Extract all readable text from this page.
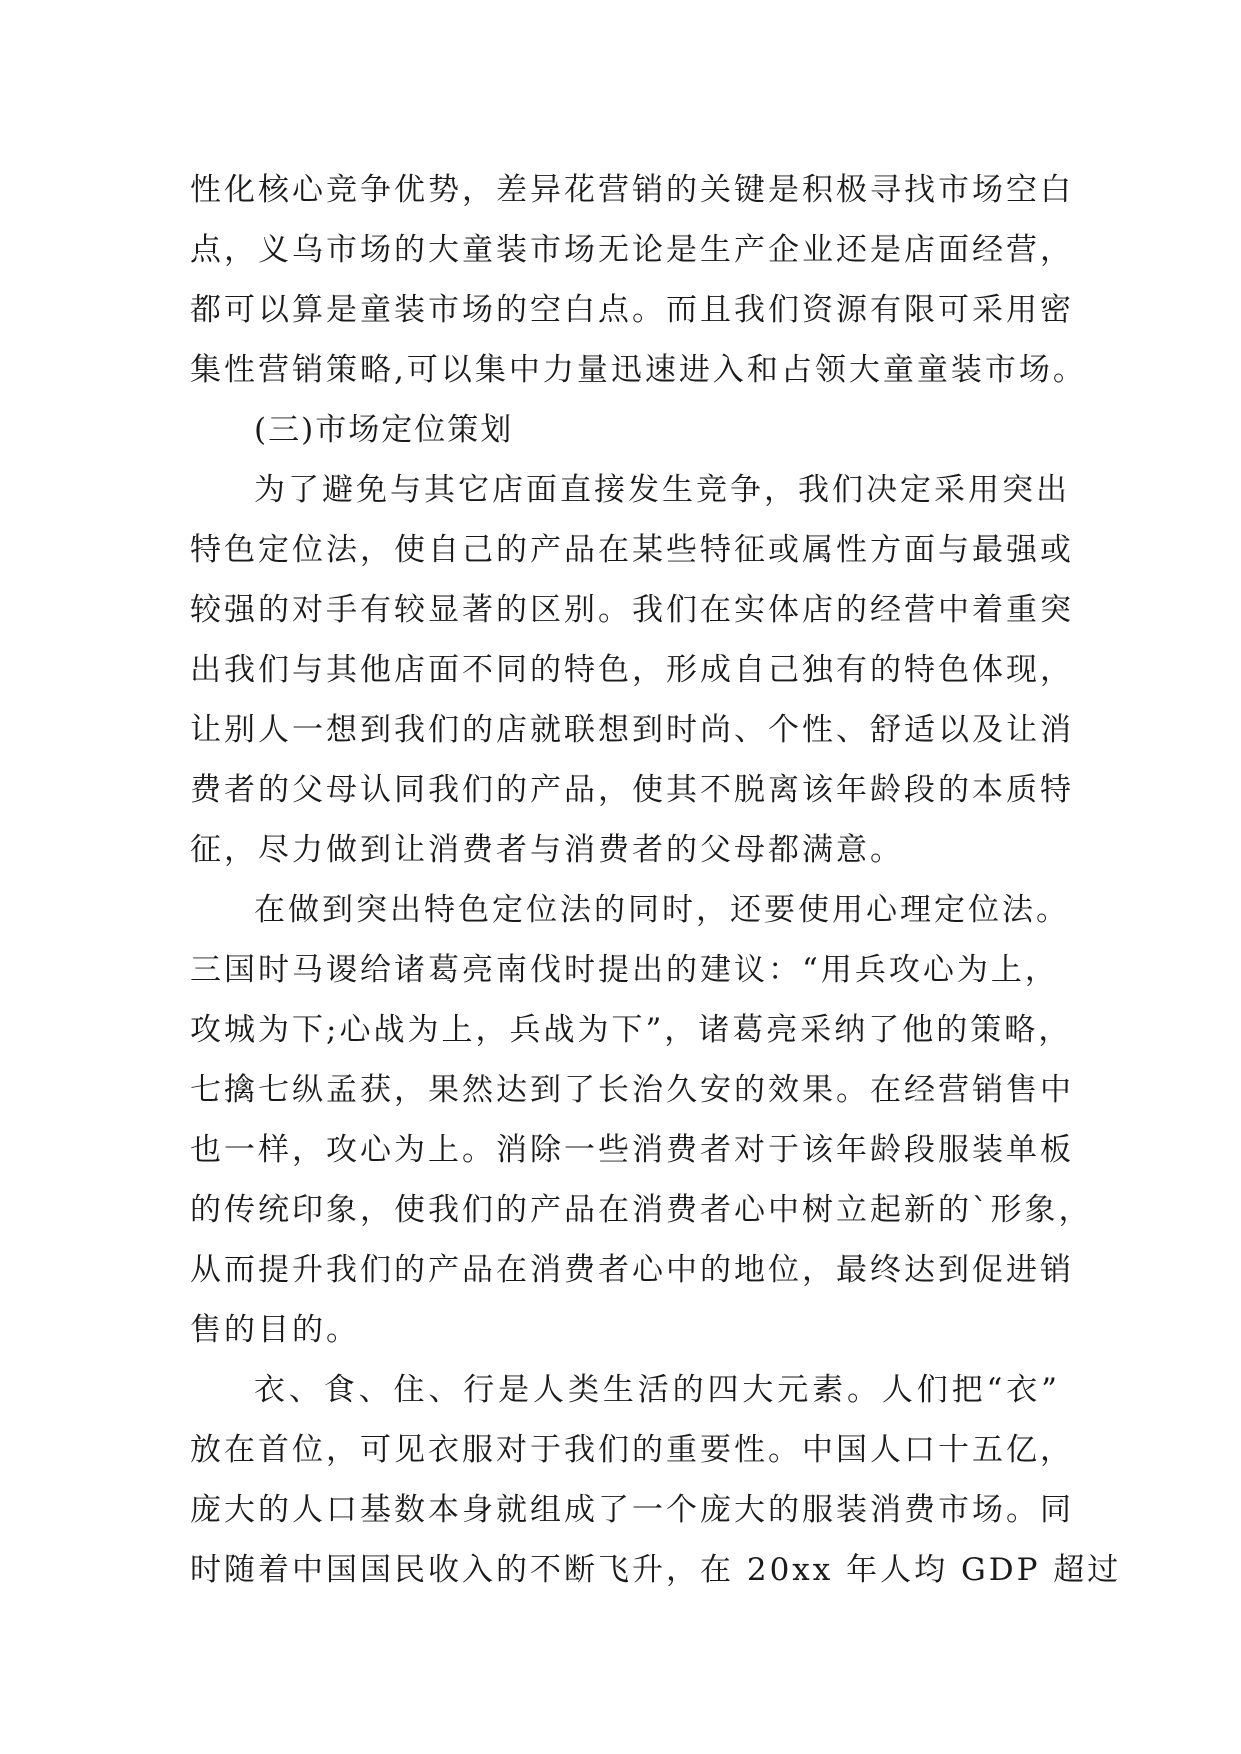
性化核心竞争优势，差异花营销的关键是积极寻找市场空白
点，义乌市场的大童装市场无论是生产企业还是店面经营，
都可以算是童装市场的空白点。而且我们资源有限可采用密
集性营销策略,可以集中力量迅速进入和占领大童童装市场。
(三)市场定位策划
为了避免与其它店面直接发生竞争，我们决定采用突出
特色定位法，使自己的产品在某些特征或属性方面与最强或
较强的对手有较显著的区别。我们在实体店的经营中着重突
出我们与其他店面不同的特色，形成自己独有的特色体现，
让别人一想到我们的店就联想到时尚、个性、舒适以及让消
费者的父母认同我们的产品，使其不脱离该年龄段的本质特
征，尽力做到让消费者与消费者的父母都满意。
在做到突出特色定位法的同时，还要使用心理定位法。
三国时马谡给诸葛亮南伐时提出的建议：“用兵攻心为上，
攻城为下;心战为上，兵战为下”，诸葛亮采纳了他的策略，
七擒七纵孟获，果然达到了长治久安的效果。在经营销售中
也一样，攻心为上。消除一些消费者对于该年龄段服装单板
的传统印象，使我们的产品在消费者心中树立起新的`形象，
从而提升我们的产品在消费者心中的地位，最终达到促进销
售的目的。
衣、食、住、行是人类生活的四大元素。人们把“衣”
放在首位，可见衣服对于我们的重要性。中国人口十五亿，
庞大的人口基数本身就组成了一个庞大的服装消费市场。同
时随着中国国民收入的不断飞升，在 20xx 年人均 GDP 超过
